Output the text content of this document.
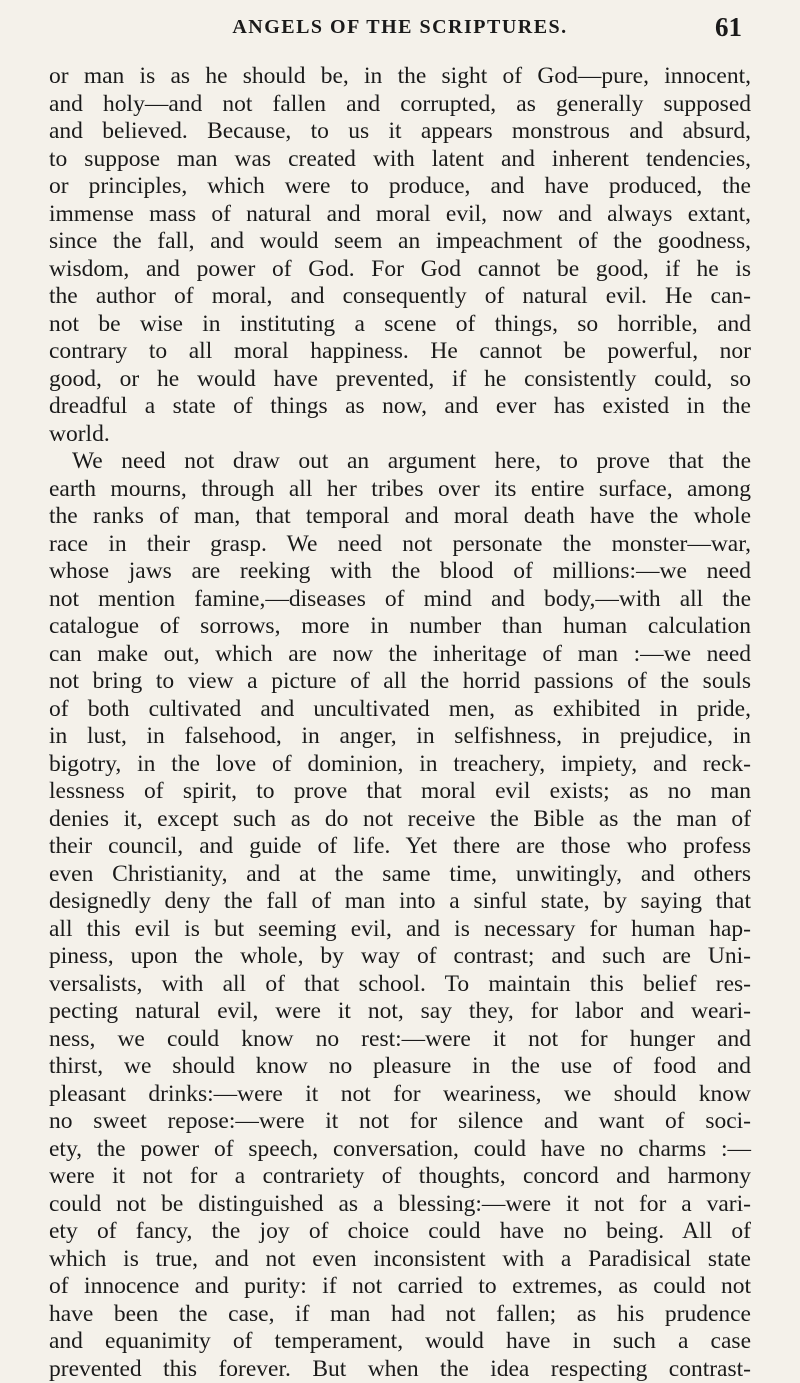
ANGELS OF THE SCRIPTURES.	61
or man is as he should be, in the sight of God—pure, innocent,
and holy—and not fallen and corrupted, as generally supposed
and believed. Because, to us it appears monstrous and absurd,
to suppose man was created with latent and inherent tendencies,
or principles, which were to produce, and have produced, the
immense mass of natural and moral evil, now and always extant,
since the fall, and would seem an impeachment of the goodness,
wisdom, and power of God. For God cannot be good, if he is
the author of moral, and consequently of natural evil. He can-
not be wise in instituting a scene of things, so horrible, and
contrary to all moral happiness. He cannot be powerful, nor
good, or he would have prevented, if he consistently could, so
dreadful a state of things as now, and ever has existed in the
world.
We need not draw out an argument here, to prove that the
earth mourns, through all her tribes over its entire surface, among
the ranks of man, that temporal and moral death have the whole
race in their grasp. We need not personate the monster—war,
whose jaws are reeking with the blood of millions:—we need
not mention famine,—diseases of mind and body,—with all the
catalogue of sorrows, more in number than human calculation
can make out, which are now the inheritage of man :—we need
not bring to view a picture of all the horrid passions of the souls
of both cultivated and uncultivated men, as exhibited in pride,
in lust, in falsehood, in anger, in selfishness, in prejudice, in
bigotry, in the love of dominion, in treachery, impiety, and reck-
lessness of spirit, to prove that moral evil exists; as no man
denies it, except such as do not receive the Bible as the man of
their council, and guide of life. Yet there are those who profess
even Christianity, and at the same time, unwitingly, and others
designedly deny the fall of man into a sinful state, by saying that
all this evil is but seeming evil, and is necessary for human hap-
piness, upon the whole, by way of contrast; and such are Uni-
versalists, with all of that school. To maintain this belief res-
pecting natural evil, were it not, say they, for labor and weari-
ness, we could know no rest:—were it not for hunger and
thirst, we should know no pleasure in the use of food and
pleasant drinks:—were it not for weariness, we should know
no sweet repose:—were it not for silence and want of soci-
ety, the power of speech, conversation, could have no charms :—
were it not for a contrariety of thoughts, concord and harmony
could not be distinguished as a blessing:—were it not for a vari-
ety of fancy, the joy of choice could have no being. All of
which is true, and not even inconsistent with a Paradisical state
of innocence and purity: if not carried to extremes, as could not
have been the case, if man had not fallen; as his prudence
and equanimity of temperament, would have in such a case
prevented this forever. But when the idea respecting contrast-
